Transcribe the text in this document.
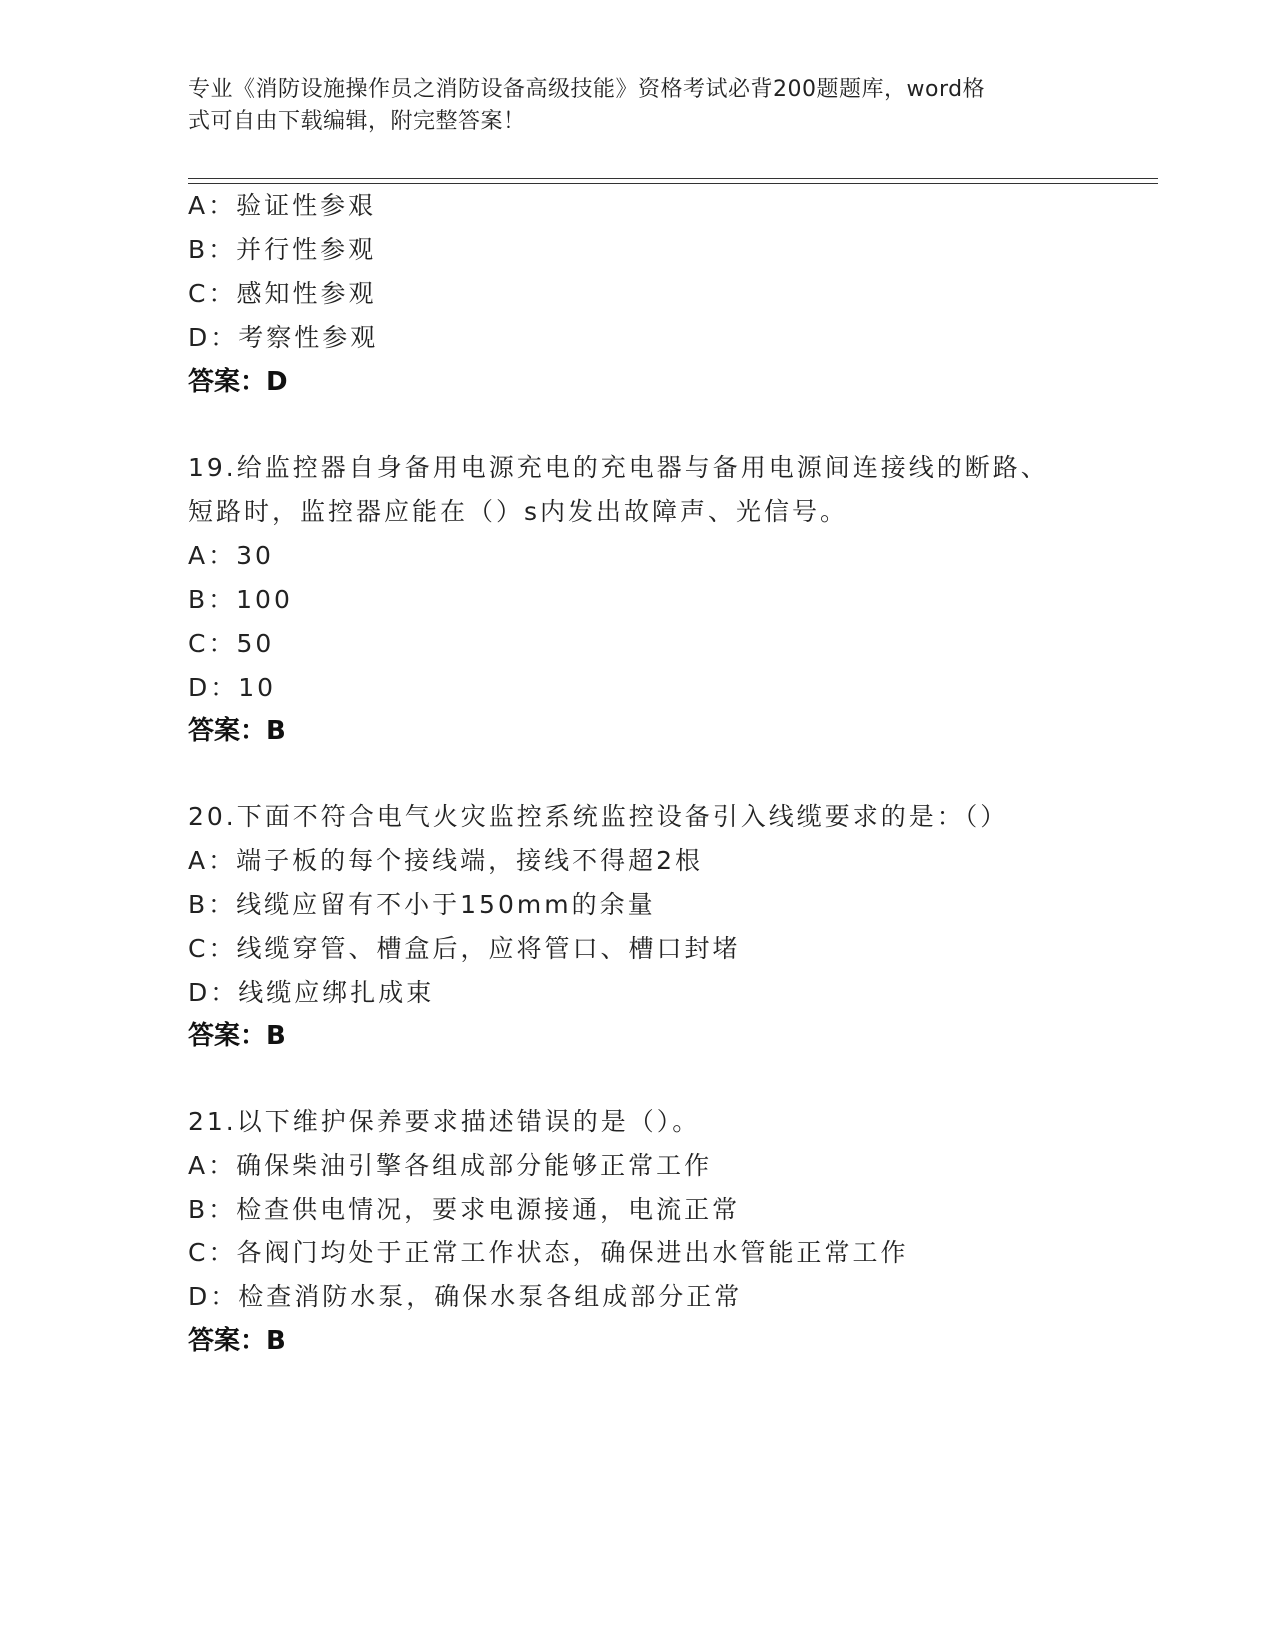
专业《消防设施操作员之消防设备高级技能》资格考试必背200题题库，word格
式可自由下载编辑，附完整答案！
A：验证性参艰
B：并行性参观
C：感知性参观
D：考察性参观
答案：D
19.给监控器自身备用电源充电的充电器与备用电源间连接线的断路、
短路时，监控器应能在（）s内发出故障声、光信号。
A：30
B：100
C：50
D：10
答案：B
20.下面不符合电气火灾监控系统监控设备引入线缆要求的是：（）
A：端子板的每个接线端，接线不得超2根
B：线缆应留有不小于150mm的余量
C：线缆穿管、槽盒后，应将管口、槽口封堵
D：线缆应绑扎成束
答案：B
21.以下维护保养要求描述错误的是（）。
A：确保柴油引擎各组成部分能够正常工作
B：检查供电情况，要求电源接通，电流正常
C：各阀门均处于正常工作状态，确保进出水管能正常工作
D：检查消防水泵，确保水泵各组成部分正常
答案：B
